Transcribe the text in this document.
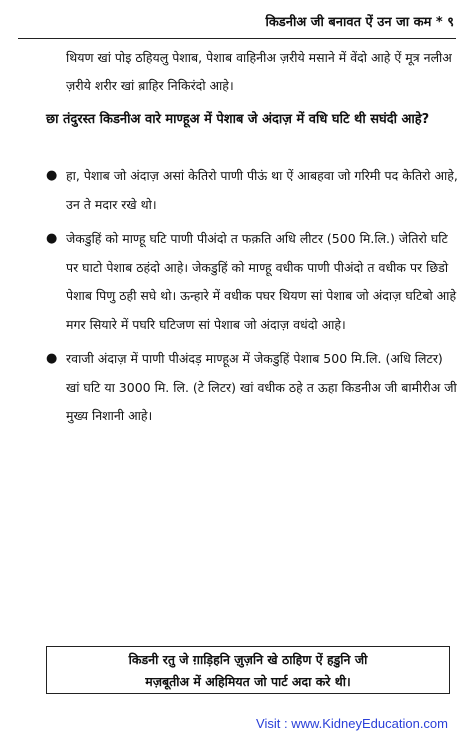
किडनीअ जी बनावत ऐं उन जा कम * ९
थियण खां पोइ ठहियलु पेशाब, पेशाब वाहिनीअ ज़रीये मसाने में वेंदो आहे ऐं मूत्र नलीअ ज़रीये शरीर खां ब़ाहिर निकिरंदो आहे।
छा तंदुरस्त किडनीअ वारे माण्हूअ में पेशाब जे अंदाज़ में वधि घटि थी सघंदी आहे?
● हा, पेशाब जो अंदाज़ असां केतिरो पाणी पीऊं था ऐं आबहवा जो गरिमी पद केतिरो आहे, उन ते मदार रखे थो।
● जेकडुहिं को माण्हू घटि पाणी पीअंदो त फक़ति अधि लीटर (500 मि.लि.) जेतिरो घटि पर घाटो पेशाब ठहंदो आहे। जेकडुहिं को माण्हू वधीक पाणी पीअंदो त वधीक पर छिडो पेशाब पिणु ठही सघे थो। ऊन्हारे में वधीक पघर थियण सां पेशाब जो अंदाज़ घटिबो आहे मगर सियारे में पघरि घटिजण सां पेशाब जो अंदाज़ वधंदो आहे।
● रवाजी अंदाज़ में पाणी पीअंदड़ माण्हूअ में जेकडुहिं पेशाब 500 मि.लि. (अधि लिटर) खां घटि या 3000 मि. लि. (टे लिटर) खां वधीक ठहे त ऊहा किडनीअ जी बामीरीअ जी मुख्य निशानी आहे।
किडनी रतु जे ग़ाड़िहनि ज़ुज़नि खे ठाहिण ऐं हडुनि जी
मज़बूतीअ में अहिमियत जो पार्ट अदा करे थी।
Visit : www.KidneyEducation.com
